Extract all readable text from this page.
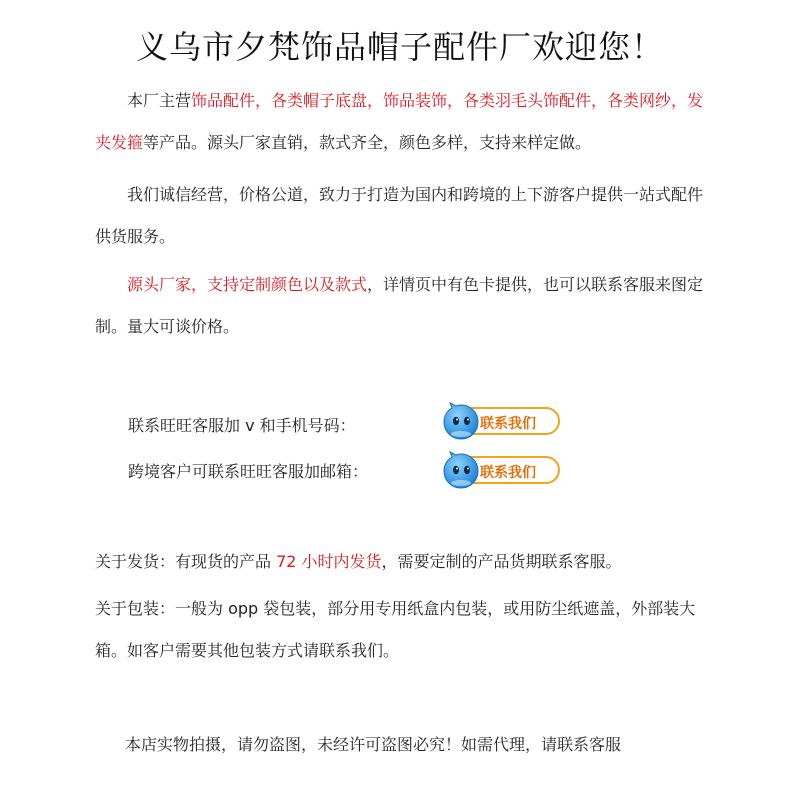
义乌市夕梵饰品帽子配件厂欢迎您！

本厂主营饰品配件，各类帽子底盘，饰品装饰，各类羽毛头饰配件，各类网纱，发夹发箍等产品。源头厂家直销，款式齐全，颜色多样，支持来样定做。

我们诚信经营，价格公道，致力于打造为国内和跨境的上下游客户提供一站式配件供货服务。

源头厂家，支持定制颜色以及款式，详情页中有色卡提供，也可以联系客服来图定制。量大可谈价格。

联系旺旺客服加 v 和手机号码：	联系我们
跨境客户可联系旺旺客服加邮箱：	联系我们

关于发货：有现货的产品 72 小时内发货，需要定制的产品货期联系客服。

关于包装：一般为 opp 袋包装，部分用专用纸盒内包装，或用防尘纸遮盖，外部装大箱。如客户需要其他包装方式请联系我们。

本店实物拍摄，请勿盗图，未经许可盗图必究！如需代理，请联系客服
